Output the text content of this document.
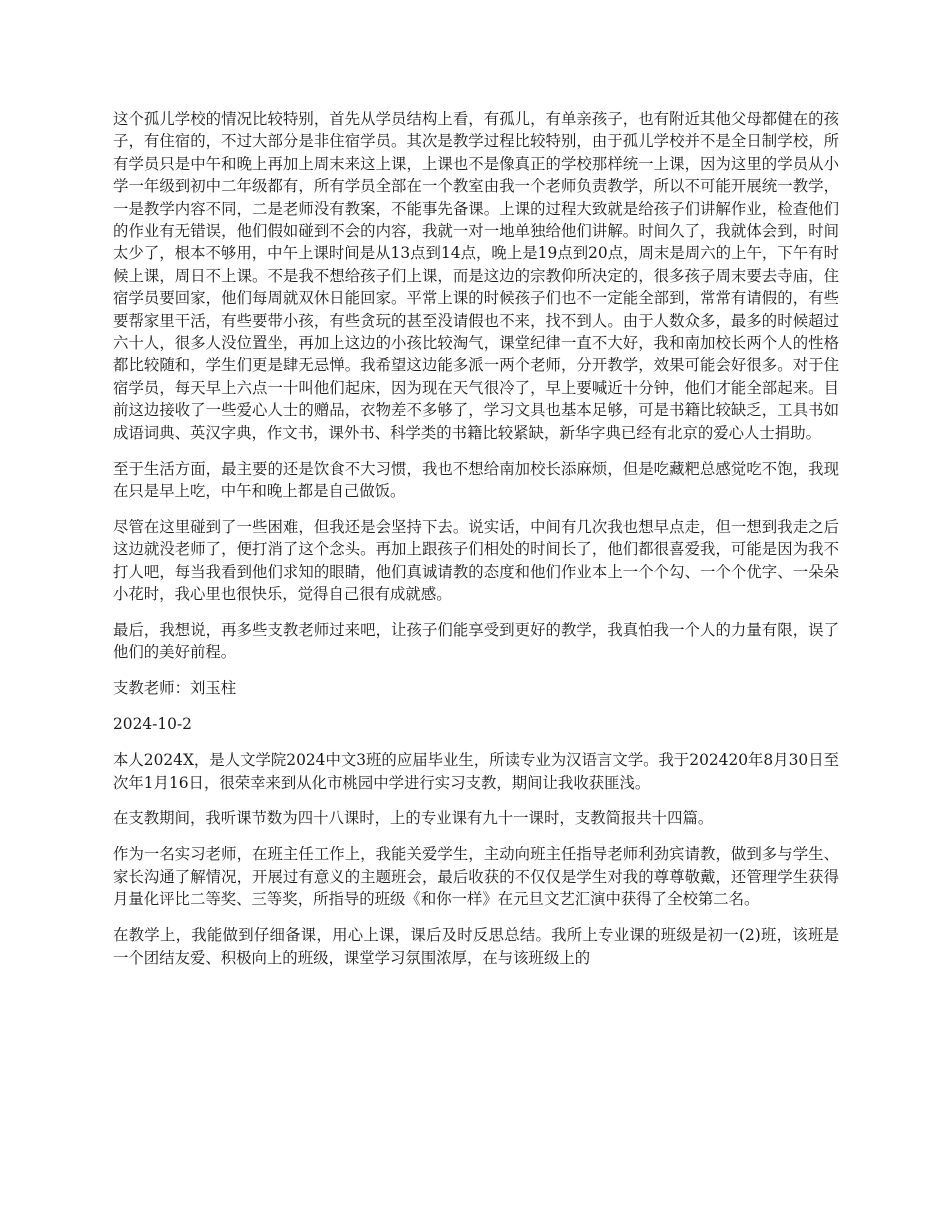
这个孤儿学校的情况比较特别，首先从学员结构上看，有孤儿，有单亲孩子，也有附近其他父母都健在的孩子，有住宿的，不过大部分是非住宿学员。其次是教学过程比较特别，由于孤儿学校并不是全日制学校，所有学员只是中午和晚上再加上周末来这上课，上课也不是像真正的学校那样统一上课，因为这里的学员从小学一年级到初中二年级都有，所有学员全部在一个教室由我一个老师负责教学，所以不可能开展统一教学，一是教学内容不同，二是老师没有教案，不能事先备课。上课的过程大致就是给孩子们讲解作业，检查他们的作业有无错误，他们假如碰到不会的内容，我就一对一地单独给他们讲解。时间久了，我就体会到，时间太少了，根本不够用，中午上课时间是从13点到14点，晚上是19点到20点，周末是周六的上午，下午有时候上课，周日不上课。不是我不想给孩子们上课，而是这边的宗教仰所决定的，很多孩子周末要去寺庙，住宿学员要回家，他们每周就双休日能回家。平常上课的时候孩子们也不一定能全部到，常常有请假的，有些要帮家里干活，有些要带小孩，有些贪玩的甚至没请假也不来，找不到人。由于人数众多，最多的时候超过六十人，很多人没位置坐，再加上这边的小孩比较淘气，课堂纪律一直不大好，我和南加校长两个人的性格都比较随和，学生们更是肆无忌惮。我希望这边能多派一两个老师，分开教学，效果可能会好很多。对于住宿学员，每天早上六点一十叫他们起床，因为现在天气很冷了，早上要喊近十分钟，他们才能全部起来。目前这边接收了一些爱心人士的赠品，衣物差不多够了，学习文具也基本足够，可是书籍比较缺乏，工具书如成语词典、英汉字典，作文书，课外书、科学类的书籍比较紧缺，新华字典已经有北京的爱心人士捐助。

至于生活方面，最主要的还是饮食不大习惯，我也不想给南加校长添麻烦，但是吃藏粑总感觉吃不饱，我现在只是早上吃，中午和晚上都是自己做饭。

尽管在这里碰到了一些困难，但我还是会坚持下去。说实话，中间有几次我也想早点走，但一想到我走之后这边就没老师了，便打消了这个念头。再加上跟孩子们相处的时间长了，他们都很喜爱我，可能是因为我不打人吧，每当我看到他们求知的眼睛，他们真诚请教的态度和他们作业本上一个个勾、一个个优字、一朵朵小花时，我心里也很快乐，觉得自己很有成就感。

最后，我想说，再多些支教老师过来吧，让孩子们能享受到更好的教学，我真怕我一个人的力量有限，误了他们的美好前程。

支教老师：刘玉柱

2024-10-2

本人2024X，是人文学院2024中文3班的应届毕业生，所读专业为汉语言文学。我于202420年8月30日至次年1月16日，很荣幸来到从化市桃园中学进行实习支教，期间让我收获匪浅。

在支教期间，我听课节数为四十八课时，上的专业课有九十一课时，支教简报共十四篇。

作为一名实习老师，在班主任工作上，我能关爱学生，主动向班主任指导老师利劲宾请教，做到多与学生、家长沟通了解情况，开展过有意义的主题班会，最后收获的不仅仅是学生对我的尊尊敬戴，还管理学生获得月量化评比二等奖、三等奖，所指导的班级《和你一样》在元旦文艺汇演中获得了全校第二名。

在教学上，我能做到仔细备课，用心上课，课后及时反思总结。我所上专业课的班级是初一(2)班，该班是一个团结友爱、积极向上的班级，课堂学习氛围浓厚，在与该班级上的
